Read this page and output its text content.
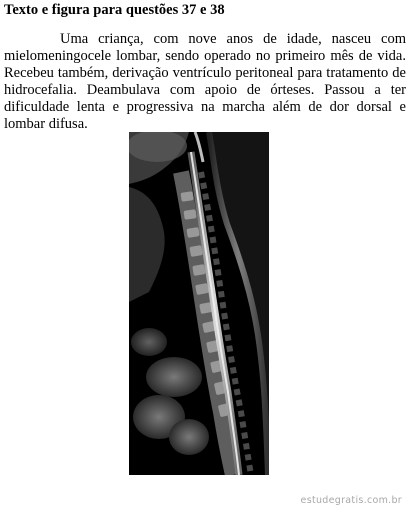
Texto e figura para questões 37 e 38
Uma criança, com nove anos de idade, nasceu com mielomeningocele lombar, sendo operado no primeiro mês de vida. Recebeu também, derivação ventrículo peritoneal para tratamento de hidrocefalia. Deambulava com apoio de órteses. Passou a ter dificuldade lenta e progressiva na marcha além de dor dorsal e lombar difusa.
estudegratis.com.br
